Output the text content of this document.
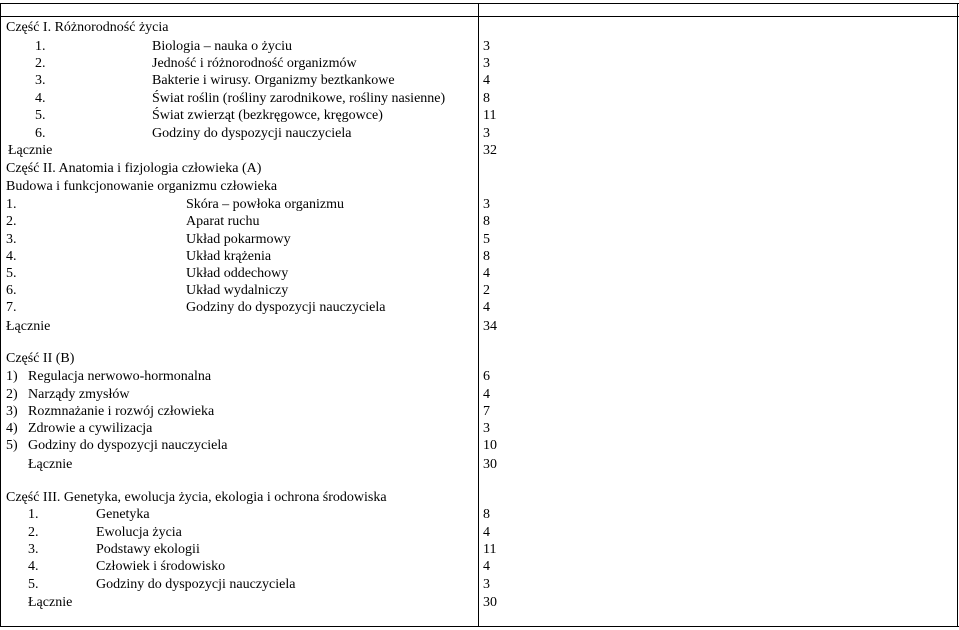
Część I. Różnorodność życia
1.	Biologia – nauka o życiu	3
2.	Jedność i różnorodność organizmów	3
3.	Bakterie i wirusy. Organizmy beztkankowe	4
4.	Świat roślin (rośliny zarodnikowe, rośliny nasienne)	8
5.	Świat zwierząt (bezkręgowce, kręgowce)	11
6.	Godziny do dyspozycji nauczyciela	3
Łącznie	32
Część II. Anatomia i fizjologia człowieka (A)
Budowa i funkcjonowanie organizmu człowieka
1.	Skóra – powłoka organizmu	3
2.	Aparat ruchu	8
3.	Układ pokarmowy	5
4.	Układ krążenia	8
5.	Układ oddechowy	4
6.	Układ wydalniczy	2
7.	Godziny do dyspozycji nauczyciela	4
Łącznie	34
Część II (B)
1) Regulacja nerwowo-hormonalna	6
2) Narządy zmysłów	4
3) Rozmnażanie i rozwój człowieka	7
4) Zdrowie a cywilizacja	3
5) Godziny do dyspozycji nauczyciela	10
Łącznie	30
Część III. Genetyka, ewolucja życia, ekologia i ochrona środowiska
1.	Genetyka	8
2.	Ewolucja życia	4
3.	Podstawy ekologii	11
4.	Człowiek i środowisko	4
5.	Godziny do dyspozycji nauczyciela	3
Łącznie	30
